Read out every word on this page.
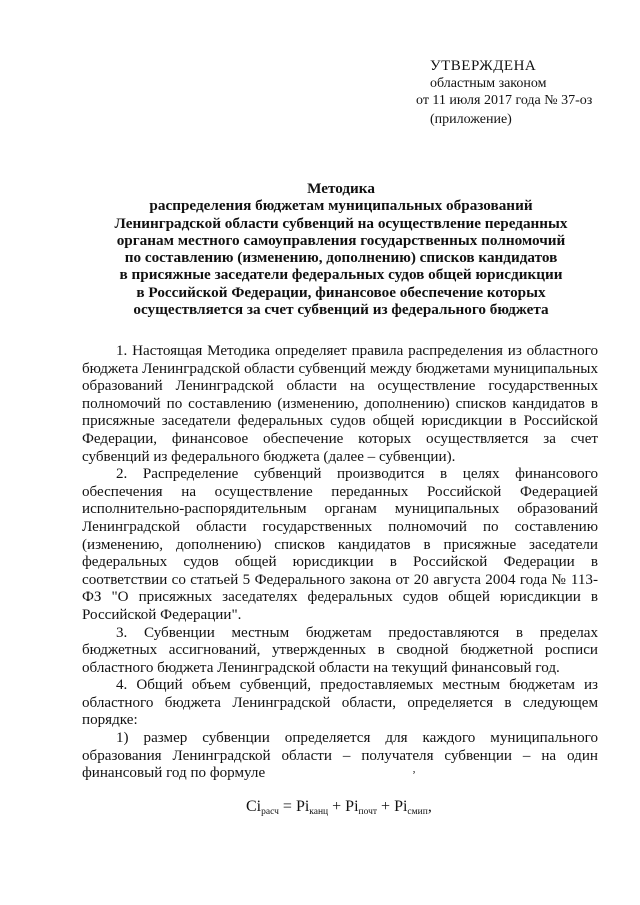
УТВЕРЖДЕНА
областным законом
от 11 июля 2017 года № 37-оз
(приложение)
Методика
распределения бюджетам муниципальных образований
Ленинградской области субвенций на осуществление переданных
органам местного самоуправления государственных полномочий
по составлению (изменению, дополнению) списков кандидатов
в присяжные заседатели федеральных судов общей юрисдикции
в Российской Федерации, финансовое обеспечение которых
осуществляется за счет субвенций из федерального бюджета

1. Настоящая Методика определяет правила распределения из областного бюджета Ленинградской области субвенций между бюджетами муниципальных образований Ленинградской области на осуществление государственных полномочий по составлению (изменению, дополнению) списков кандидатов в присяжные заседатели федеральных судов общей юрисдикции в Российской Федерации, финансовое обеспечение которых осуществляется за счет субвенций из федерального бюджета (далее – субвенции).

2. Распределение субвенций производится в целях финансового обеспечения на осуществление переданных Российской Федерацией исполнительно-распорядительным органам муниципальных образований Ленинградской области государственных полномочий по составлению (изменению, дополнению) списков кандидатов в присяжные заседатели федеральных судов общей юрисдикции в Российской Федерации в соответствии со статьей 5 Федерального закона от 20 августа 2004 года № 113-ФЗ "О присяжных заседателях федеральных судов общей юрисдикции в Российской Федерации".

3. Субвенции местным бюджетам предоставляются в пределах бюджетных ассигнований, утвержденных в сводной бюджетной росписи областного бюджета Ленинградской области на текущий финансовый год.

4. Общий объем субвенций, предоставляемых местным бюджетам из областного бюджета Ленинградской области, определяется в следующем порядке:

1) размер субвенции определяется для каждого муниципального образования Ленинградской области – получателя субвенции – на один финансовый год по формуле	ʼ
$Сi_{расч} = Pi_{канц} + Pi_{почт} + Pi_{смип}$,
